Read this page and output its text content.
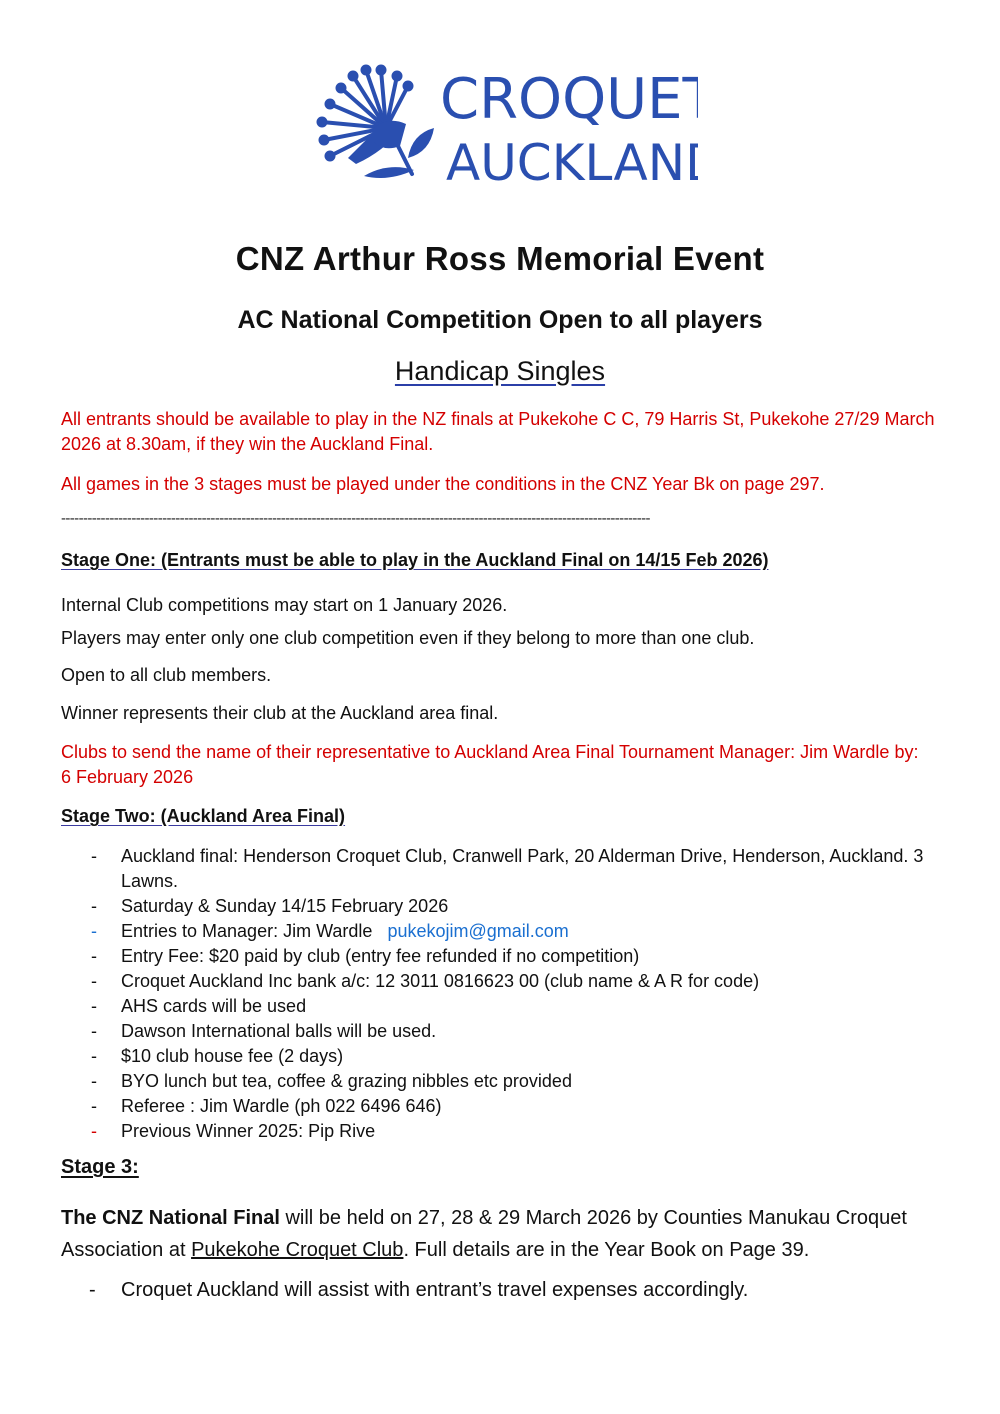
CROQUET
AUCKLAND
CNZ Arthur Ross Memorial Event
AC National Competition Open to all players
Handicap Singles
All entrants should be available to play in the NZ finals at Pukekohe C C, 79 Harris St, Pukekohe 27/29 March 2026 at 8.30am, if they win the Auckland Final.
All games in the 3 stages must be played under the conditions in the CNZ Year Bk on page 297.
--------------------------------------------------------------------------------------------------------------------------------------
Stage One: (Entrants must be able to play in the Auckland Final on 14/15 Feb 2026)
Internal Club competitions may start on 1 January 2026.
Players may enter only one club competition even if they belong to more than one club.
Open to all club members.
Winner represents their club at the Auckland area final.
Clubs to send the name of their representative to Auckland Area Final Tournament Manager: Jim Wardle by: 6 February 2026
Stage Two: (Auckland Area Final)
- Auckland final: Henderson Croquet Club, Cranwell Park, 20 Alderman Drive, Henderson, Auckland. 3 Lawns.
- Saturday & Sunday 14/15 February 2026
- Entries to Manager: Jim Wardle pukekojim@gmail.com
- Entry Fee: $20 paid by club (entry fee refunded if no competition)
- Croquet Auckland Inc bank a/c: 12 3011 0816623 00 (club name & A R for code)
- AHS cards will be used
- Dawson International balls will be used.
- $10 club house fee (2 days)
- BYO lunch but tea, coffee & grazing nibbles etc provided
- Referee : Jim Wardle (ph 022 6496 646)
- Previous Winner 2025: Pip Rive
Stage 3:
The CNZ National Final will be held on 27, 28 & 29 March 2026 by Counties Manukau Croquet Association at Pukekohe Croquet Club. Full details are in the Year Book on Page 39.
- Croquet Auckland will assist with entrant’s travel expenses accordingly.
